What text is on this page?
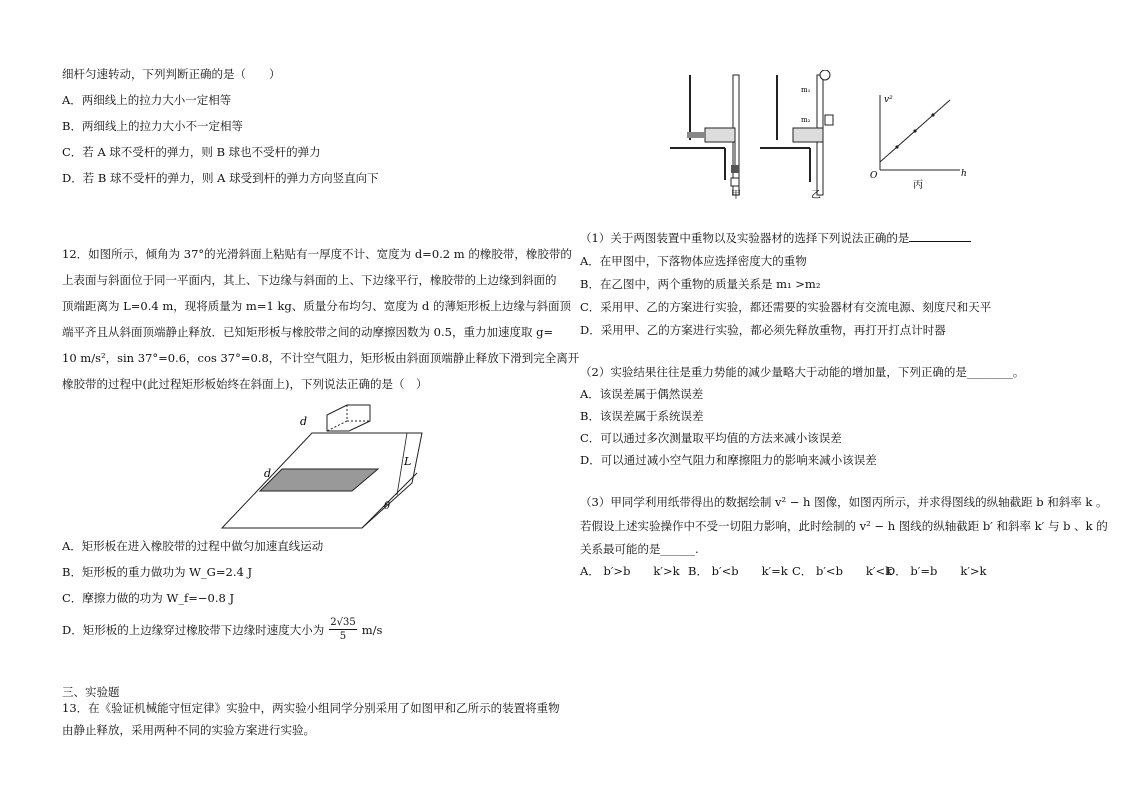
细杆匀速转动，下列判断正确的是（　　）
A．两细线上的拉力大小一定相等
B．两细线上的拉力大小不一定相等
C．若 A 球不受杆的弹力，则 B 球也不受杆的弹力
D．若 B 球不受杆的弹力，则 A 球受到杆的弹力方向竖直向下
12．如图所示，倾角为 37°的光滑斜面上粘贴有一厚度不计、宽度为 d=0.2 m 的橡胶带，橡胶带的
上表面与斜面位于同一平面内，其上、下边缘与斜面的上、下边缘平行，橡胶带的上边缘到斜面的
顶端距离为 L=0.4 m，现将质量为 m=1 kg、质量分布均匀、宽度为 d 的薄矩形板上边缘与斜面顶
端平齐且从斜面顶端静止释放．已知矩形板与橡胶带之间的动摩擦因数为 0.5，重力加速度取 g=
10 m/s²，sin 37°=0.6，cos 37°=0.8，不计空气阻力，矩形板由斜面顶端静止释放下滑到完全离开
橡胶带的过程中(此过程矩形板始终在斜面上)，下列说法正确的是（　）
L
d
d
θ
A．矩形板在进入橡胶带的过程中做匀加速直线运动
B．矩形板的重力做功为 W_G=2.4 J
C．摩擦力做的功为 W_f=−0.8 J
D．矩形板的上边缘穿过橡胶带下边缘时速度大小为 $\frac{2√35}{5} m/s$
三、实验题
13．在《验证机械能守恒定律》实验中，两实验小组同学分别采用了如图甲和乙所示的装置将重物
由静止释放，采用两种不同的实验方案进行实验。
甲
m₁
m₂
乙
v²
h
O
丙
（1）关于两图装置中重物以及实验器材的选择下列说法正确的是
A．在甲图中，下落物体应选择密度大的重物
B．在乙图中，两个重物的质量关系是 m₁ >m₂
C．采用甲、乙的方案进行实验，都还需要的实验器材有交流电源、刻度尺和天平
D．采用甲、乙的方案进行实验，都必须先释放重物，再打开打点计时器
（2）实验结果往往是重力势能的减少量略大于动能的增加量，下列正确的是________。
A．该误差属于偶然误差
B．该误差属于系统误差
C．可以通过多次测量取平均值的方法来减小该误差
D．可以通过减小空气阻力和摩擦阻力的影响来减小该误差
（3）甲同学利用纸带得出的数据绘制 v² − h 图像，如图丙所示，并求得图线的纵轴截距 b 和斜率 k 。
若假设上述实验操作中不受一切阻力影响，此时绘制的 v² − h 图线的纵轴截距 b′ 和斜率 k′ 与 b 、k 的
关系最可能的是______.
A． b′>b　　k′>k B． b′<b　　k′=k C． b′<b　　k′<k
D． b′=b　　k′>k
